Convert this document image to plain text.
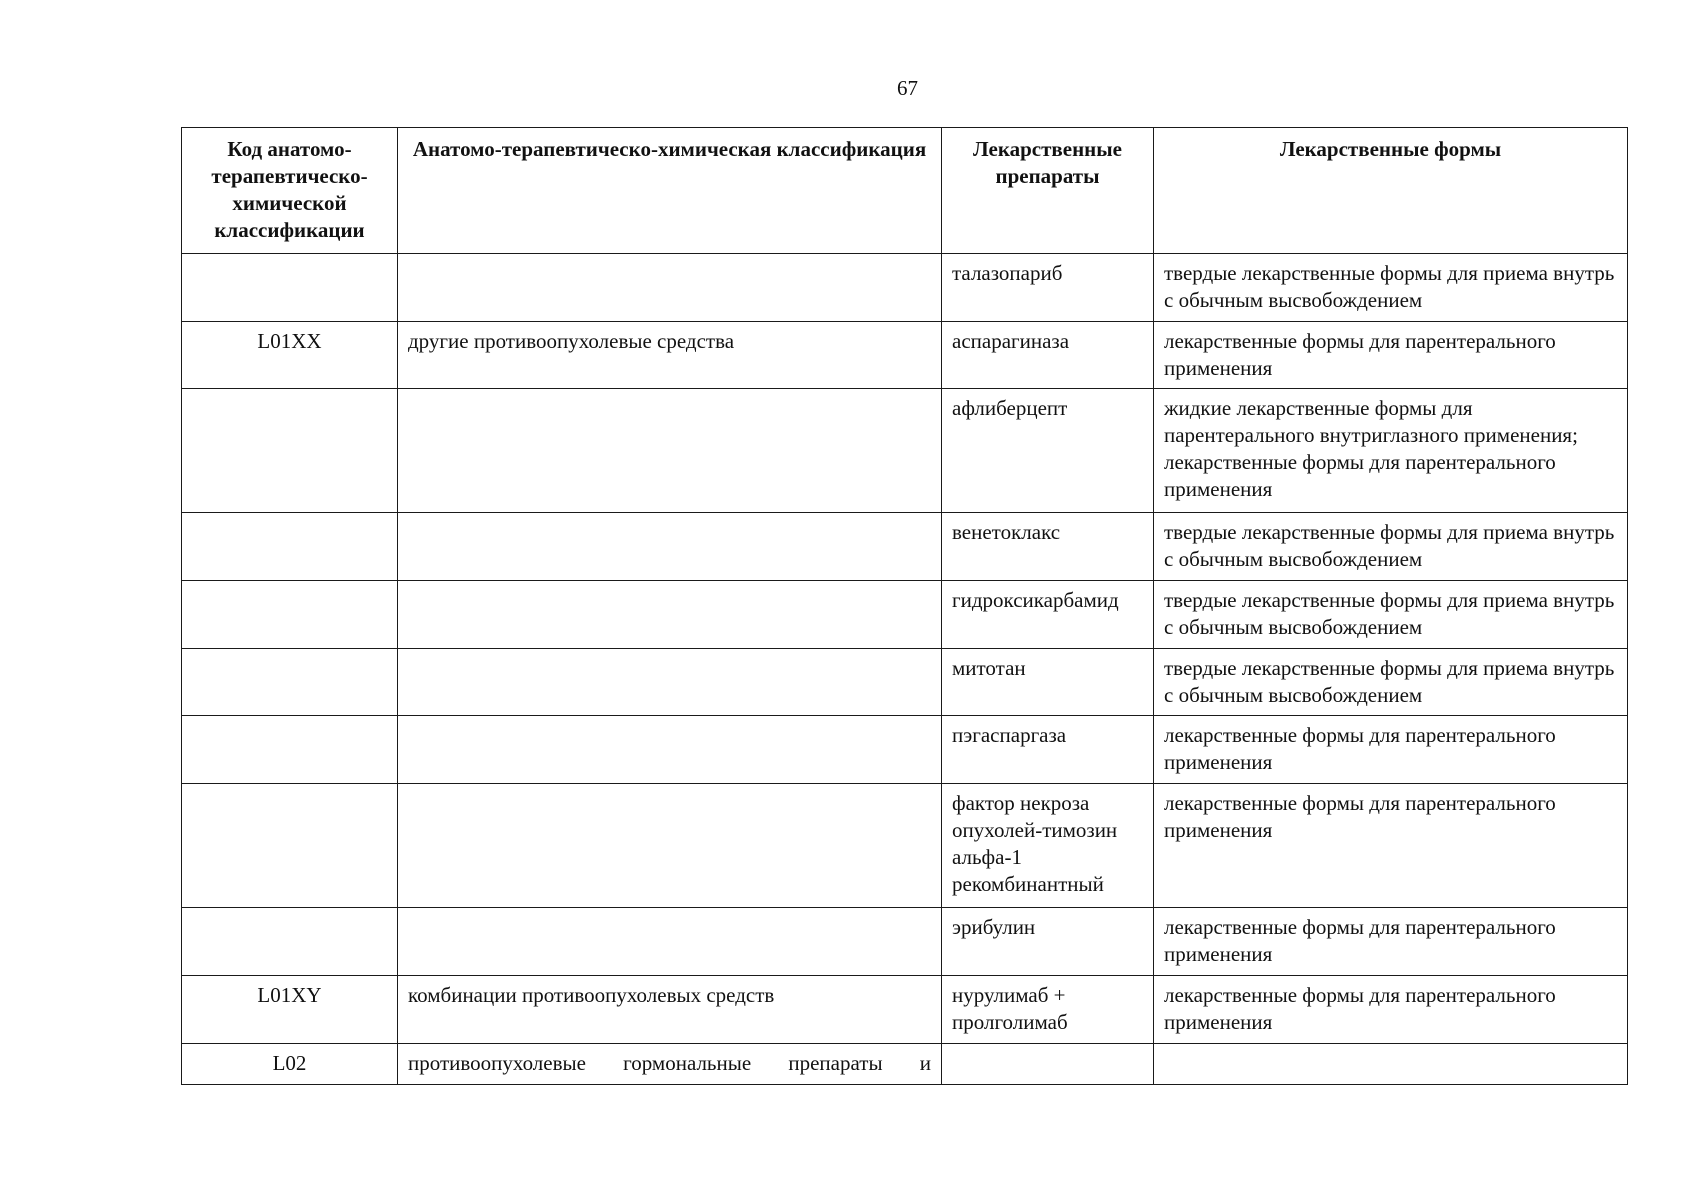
67
Код анатомо-терапевтическо-химической классификации	Анатомо-терапевтическо-химическая классификация	Лекарственные препараты	Лекарственные формы
		талазопариб	твердые лекарственные формы для приема внутрь с обычным высвобождением
L01XX	другие противоопухолевые средства	аспарагиназа	лекарственные формы для парентерального применения
		афлиберцепт	жидкие лекарственные формы для парентерального внутриглазного применения; лекарственные формы для парентерального применения
		венетоклакс	твердые лекарственные формы для приема внутрь с обычным высвобождением
		гидроксикарбамид	твердые лекарственные формы для приема внутрь с обычным высвобождением
		митотан	твердые лекарственные формы для приема внутрь с обычным высвобождением
		пэгаспаргаза	лекарственные формы для парентерального применения
		фактор некроза опухолей-тимозин альфа-1 рекомбинантный	лекарственные формы для парентерального применения
		эрибулин	лекарственные формы для парентерального применения
L01XY	комбинации противоопухолевых средств	нурулимаб + пролголимаб	лекарственные формы для парентерального применения
L02	противоопухолевые гормональные препараты и		
